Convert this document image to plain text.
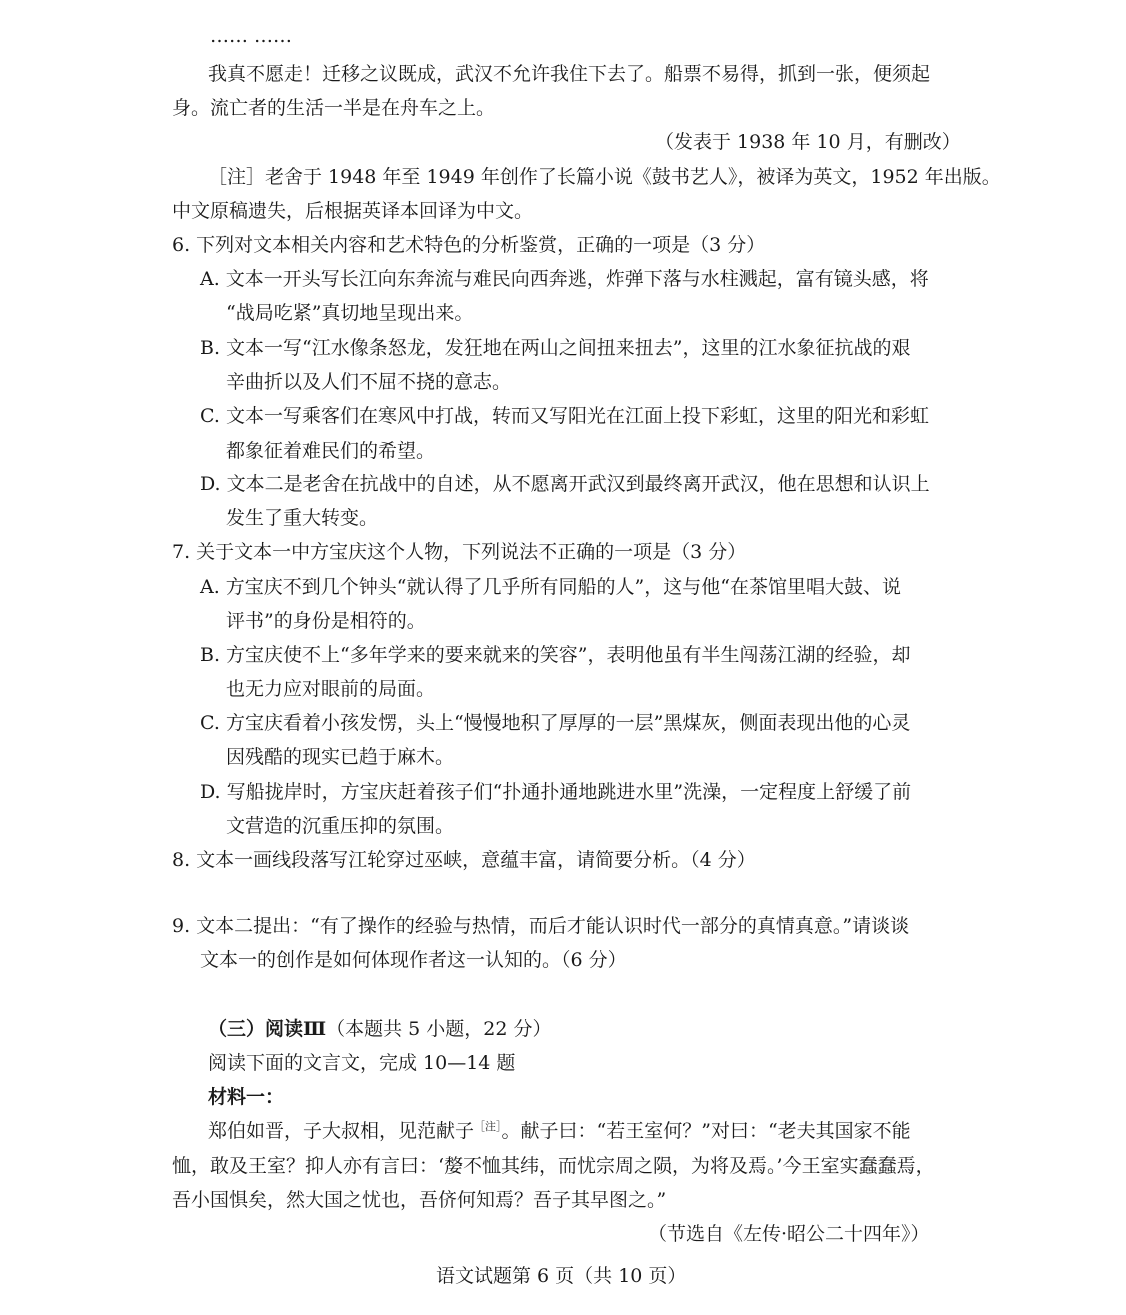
…… ……
我真不愿走！迁移之议既成，武汉不允许我住下去了。船票不易得，抓到一张，便须起
身。流亡者的生活一半是在舟车之上。
（发表于 1938 年 10 月，有删改）
［注］老舍于 1948 年至 1949 年创作了长篇小说《鼓书艺人》，被译为英文，1952 年出版。
中文原稿遗失，后根据英译本回译为中文。
6. 下列对文本相关内容和艺术特色的分析鉴赏，正确的一项是（3 分）
A. 文本一开头写长江向东奔流与难民向西奔逃，炸弹下落与水柱溅起，富有镜头感，将
“战局吃紧”真切地呈现出来。
B. 文本一写“江水像条怒龙，发狂地在两山之间扭来扭去”，这里的江水象征抗战的艰
辛曲折以及人们不屈不挠的意志。
C. 文本一写乘客们在寒风中打战，转而又写阳光在江面上投下彩虹，这里的阳光和彩虹
都象征着难民们的希望。
D. 文本二是老舍在抗战中的自述，从不愿离开武汉到最终离开武汉，他在思想和认识上
发生了重大转变。
7. 关于文本一中方宝庆这个人物，下列说法不正确的一项是（3 分）
A. 方宝庆不到几个钟头“就认得了几乎所有同船的人”，这与他“在茶馆里唱大鼓、说
评书”的身份是相符的。
B. 方宝庆使不上“多年学来的要来就来的笑容”，表明他虽有半生闯荡江湖的经验，却
也无力应对眼前的局面。
C. 方宝庆看着小孩发愣，头上“慢慢地积了厚厚的一层”黑煤灰，侧面表现出他的心灵
因残酷的现实已趋于麻木。
D. 写船拢岸时，方宝庆赶着孩子们“扑通扑通地跳进水里”洗澡，一定程度上舒缓了前
文营造的沉重压抑的氛围。
8. 文本一画线段落写江轮穿过巫峡，意蕴丰富，请简要分析。（4 分）
9. 文本二提出：“有了操作的经验与热情，而后才能认识时代一部分的真情真意。”请谈谈
文本一的创作是如何体现作者这一认知的。（6 分）
（三）阅读Ⅲ（本题共 5 小题，22 分）
阅读下面的文言文，完成 10—14 题
材料一：
郑伯如晋，子大叔相，见范献子$^{[注]}$。献子曰：“若王室何？”对曰：“老夫其国家不能
恤，敢及王室？抑人亦有言曰：‘嫠不恤其纬，而忧宗周之陨，为将及焉。’今王室实蠢蠢焉，
吾小国惧矣，然大国之忧也，吾侪何知焉？吾子其早图之。”
（节选自《左传·昭公二十四年》）
语文试题第 6 页（共 10 页）
